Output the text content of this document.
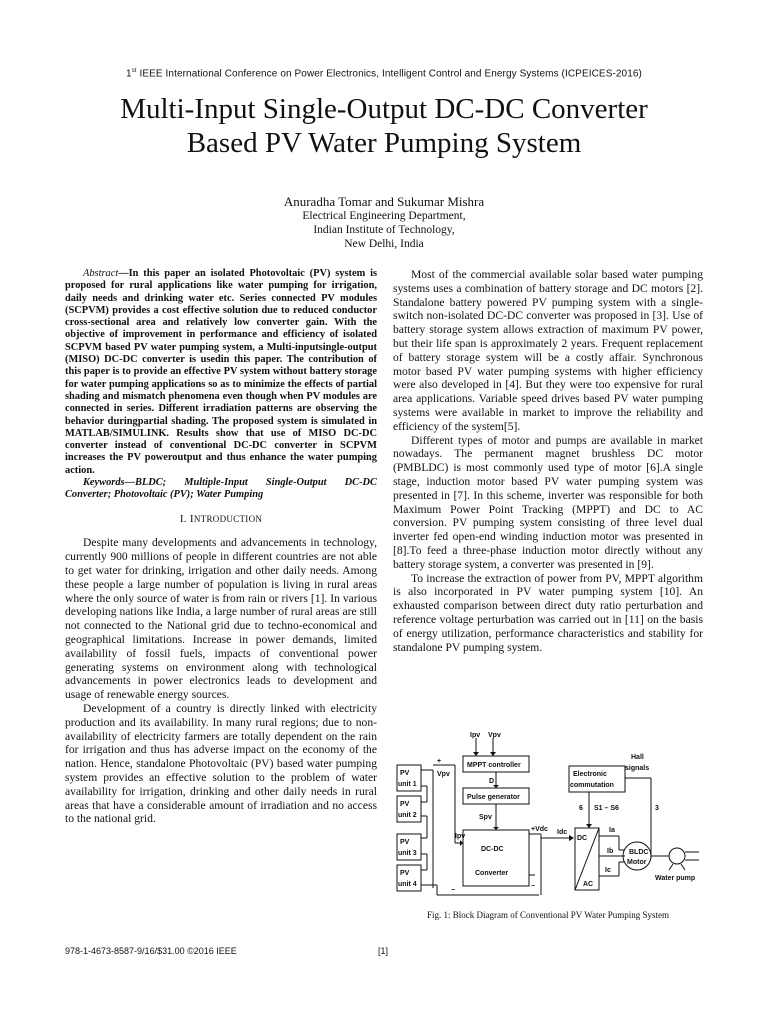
1st IEEE International Conference on Power Electronics, Intelligent Control and Energy Systems (ICPEICES-2016)
Multi-Input Single-Output DC-DC Converter
Based PV Water Pumping System
Anuradha Tomar and Sukumar Mishra
Electrical Engineering Department,
Indian Institute of Technology,
New Delhi, India
Abstract—In this paper an isolated Photovoltaic (PV) system is proposed for rural applications like water pumping for irrigation, daily needs and drinking water etc. Series connected PV modules (SCPVM) provides a cost effective solution due to reduced conductor cross-sectional area and relatively low converter gain. With the objective of improvement in performance and efficiency of isolated SCPVM based PV water pumping system, a Multi-inputsingle-output (MISO) DC-DC converter is usedin this paper. The contribution of this paper is to provide an effective PV system without battery storage for water pumping applications so as to minimize the effects of partial shading and mismatch phenomena even though when PV modules are connected in series. Different irradiation patterns are observing the behavior duringpartial shading. The proposed system is simulated in MATLAB/SIMULINK. Results show that use of MISO DC-DC converter instead of conventional DC-DC converter in SCPVM increases the PV poweroutput and thus enhance the water pumping action.
Keywords—BLDC; Multiple-Input Single-Output DC-DC Converter; Photovoltaic (PV); Water Pumping
I. INTRODUCTION

Despite many developments and advancements in technology, currently 900 millions of people in different countries are not able to get water for drinking, irrigation and other daily needs. Among these people a large number of population is living in rural areas where the only source of water is from rain or rivers [1]. In various developing nations like India, a large number of rural areas are still not connected to the National grid due to techno-economical and geographical limitations. Increase in power demands, limited availability of fossil fuels, impacts of conventional power generating systems on environment along with technological advancements in power electronics leads to development and usage of renewable energy sources.

Development of a country is directly linked with electricity production and its availability. In many rural regions; due to non-availability of electricity farmers are totally dependent on the rain for irrigation and thus has adverse impact on the economy of the nation. Hence, standalone Photovoltaic (PV) based water pumping system provides an effective solution to the problem of water availability for irrigation, drinking and other daily needs in rural areas that have a considerable amount of irradiation and no access to the national grid.

Most of the commercial available solar based water pumping systems uses a combination of battery storage and DC motors [2]. Standalone battery powered PV pumping system with a single-switch non-isolated DC-DC converter was proposed in [3]. Use of battery storage system allows extraction of maximum PV power, but their life span is approximately 2 years. Frequent replacement of battery storage system will be a costly affair. Synchronous motor based PV water pumping systems with higher efficiency were also developed in [4]. But they were too expensive for rural area applications. Variable speed drives based PV water pumping systems were available in market to improve the reliability and efficiency of the system[5].

Different types of motor and pumps are available in market nowadays. The permanent magnet brushless DC motor (PMBLDC) is most commonly used type of motor [6].A single stage, induction motor based PV water pumping system was presented in [7]. In this scheme, inverter was responsible for both Maximum Power Point Tracking (MPPT) and DC to AC conversion. PV pumping system consisting of three level dual inverter fed open-end winding induction motor was presented in [8].To feed a three-phase induction motor directly without any battery storage system, a converter was presented in [9].

To increase the extraction of power from PV, MPPT algorithm is also incorporated in PV water pumping system [10]. An exhausted comparison between direct duty ratio perturbation and reference voltage perturbation was carried out in [11] on the basis of energy utilization, performance characteristics and stability for standalone PV pumping system.

PV
unit 1
PV
unit 2
PV
unit 3
PV
unit 4
Ipv Vpv
MPPT controller
+
Vpv
D
Pulse generator
Spv
Ipv
+Vdc Idc
DC-DC
Converter
−
−
Electronic
commutation
Hall
signals
6 S1 – S6	3
DC
AC
Ia
Ib
Ic
BLDC
Motor
Water pump
Fig. 1: Block Diagram of Conventional PV Water Pumping System
978-1-4673-8587-9/16/$31.00 ©2016 IEEE	[1]
